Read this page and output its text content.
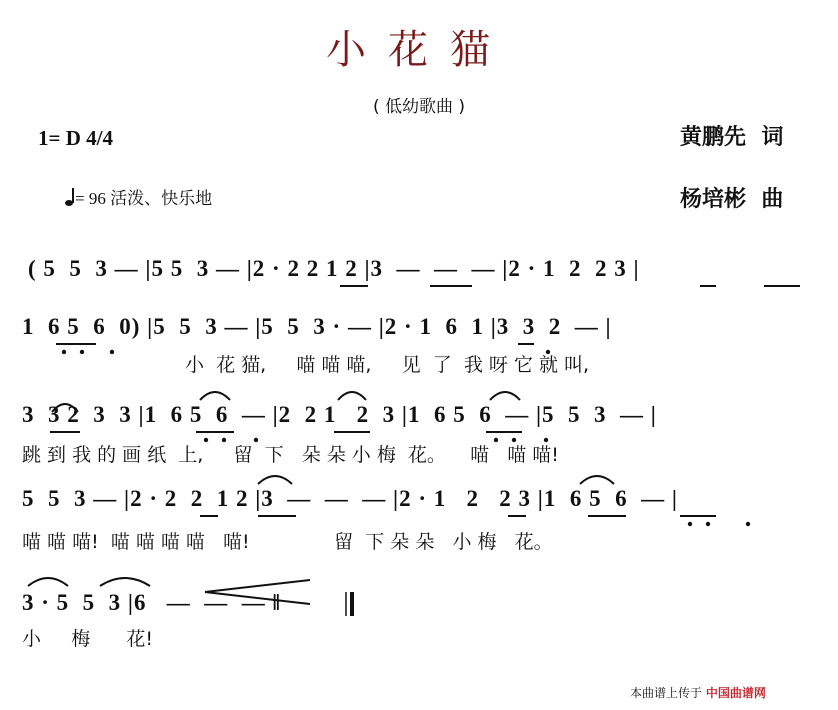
小花猫
( 低幼歌曲 )
1= D 4/4	黄鹏先  词
杨培彬  曲
= 96 活泼、快乐地
( 5  5  3 — |5 5  3 — |2 · 2 2 1 2 |3  —  —  — |2 · 1  2  2 3 |
1  6 5  6  0) |5  5  3 — |5  5  3 · — |2 · 1  6  1 |3  3  2  — |
小  花 猫,     喵 喵 喵,     见  了  我 呀 它 就 叫,
3  3 2  3  3 |1  6 5  6  — |2  2 1   2  3 |1  6 5  6  — |5  5  3  — |
跳 到 我 的 画 纸  上,     留  下   朵 朵 小 梅  花。    喵   喵 喵!
5  5  3 — |2 · 2  2  1 2 |3  —  —  — |2 · 1   2   2 3 |1  6 5  6  — |
喵 喵 喵!  喵 喵 喵 喵   喵!              留  下 朵 朵   小 梅   花。
3 · 5  5  3 |6   —  —  — ‖
小     梅      花!
本曲谱上传于 中国曲谱网
